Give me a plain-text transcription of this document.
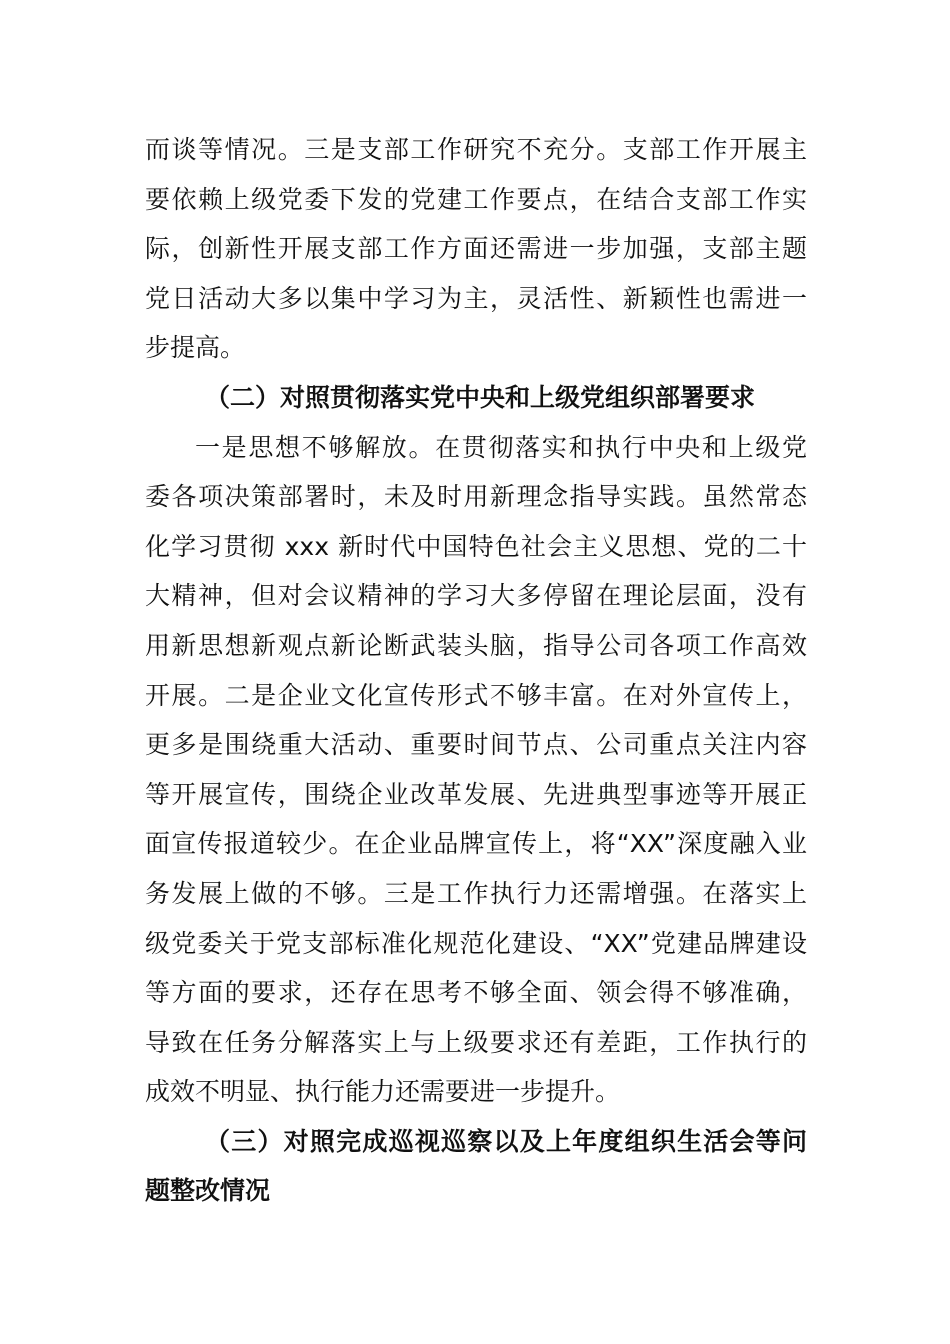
而谈等情况。三是支部工作研究不充分。支部工作开展主
要依赖上级党委下发的党建工作要点，在结合支部工作实
际，创新性开展支部工作方面还需进一步加强，支部主题
党日活动大多以集中学习为主，灵活性、新颖性也需进一
步提高。
（二）对照贯彻落实党中央和上级党组织部署要求
一是思想不够解放。在贯彻落实和执行中央和上级党
委各项决策部署时，未及时用新理念指导实践。虽然常态
化学习贯彻 xxx 新时代中国特色社会主义思想、党的二十
大精神，但对会议精神的学习大多停留在理论层面，没有
用新思想新观点新论断武装头脑，指导公司各项工作高效
开展。二是企业文化宣传形式不够丰富。在对外宣传上，
更多是围绕重大活动、重要时间节点、公司重点关注内容
等开展宣传，围绕企业改革发展、先进典型事迹等开展正
面宣传报道较少。在企业品牌宣传上，将“XX”深度融入业
务发展上做的不够。三是工作执行力还需增强。在落实上
级党委关于党支部标准化规范化建设、“XX”党建品牌建设
等方面的要求，还存在思考不够全面、领会得不够准确，
导致在任务分解落实上与上级要求还有差距，工作执行的
成效不明显、执行能力还需要进一步提升。
（三）对照完成巡视巡察以及上年度组织生活会等问
题整改情况
